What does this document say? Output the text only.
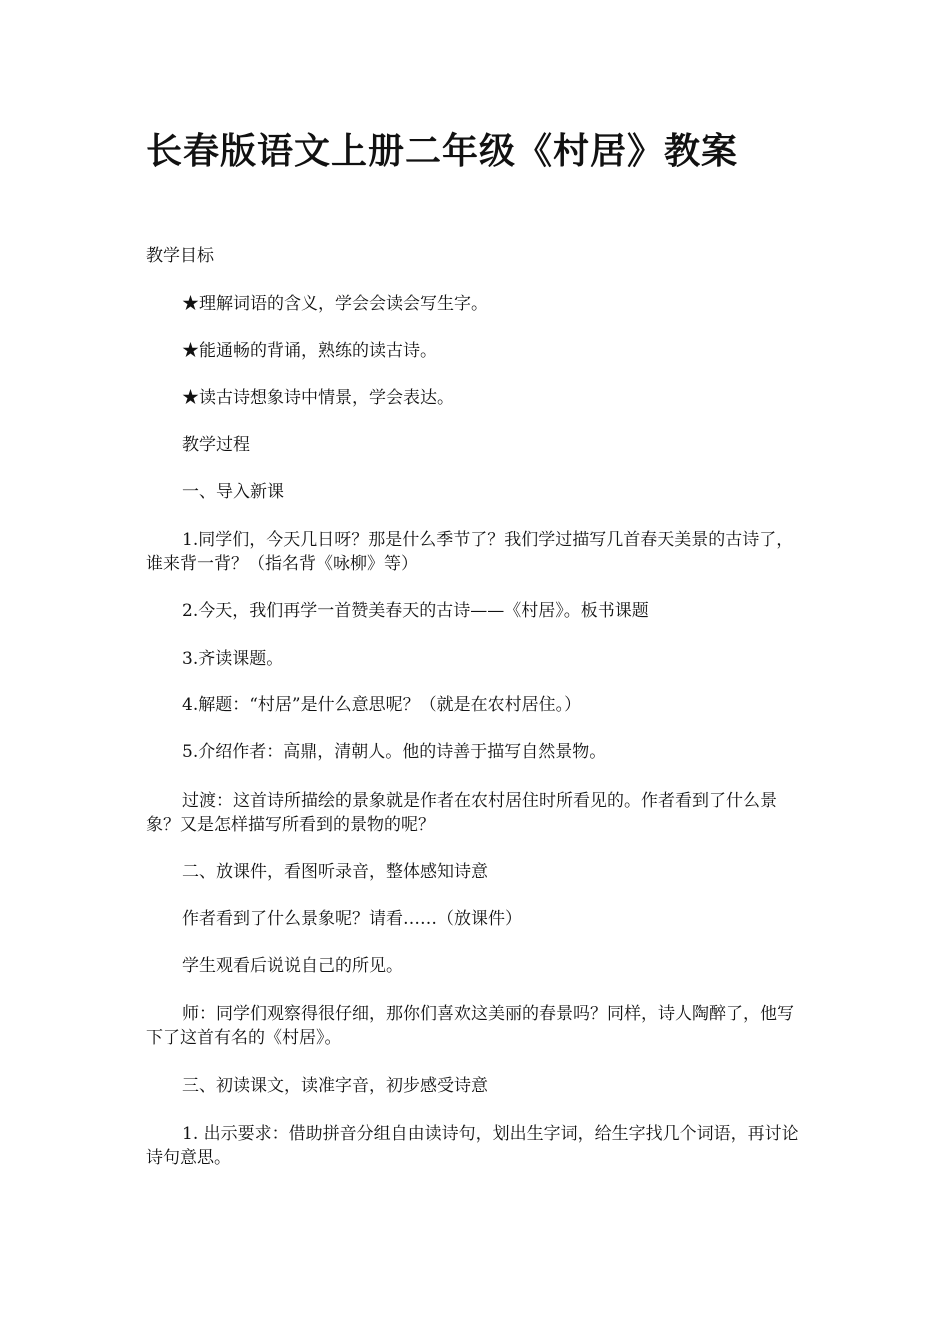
长春版语文上册二年级《村居》教案

教学目标

★理解词语的含义，学会会读会写生字。

★能通畅的背诵，熟练的读古诗。

★读古诗想象诗中情景，学会表达。

教学过程

一、导入新课

1.同学们，今天几日呀？那是什么季节了？我们学过描写几首春天美景的古诗了，谁来背一背？（指名背《咏柳》等）

2.今天，我们再学一首赞美春天的古诗——《村居》。板书课题

3.齐读课题。

4.解题：“村居”是什么意思呢？（就是在农村居住。）

5.介绍作者：高鼎，清朝人。他的诗善于描写自然景物。

过渡：这首诗所描绘的景象就是作者在农村居住时所看见的。作者看到了什么景象？又是怎样描写所看到的景物的呢？

二、放课件，看图听录音，整体感知诗意

作者看到了什么景象呢？请看……（放课件）

学生观看后说说自己的所见。

师：同学们观察得很仔细，那你们喜欢这美丽的春景吗？同样，诗人陶醉了，他写下了这首有名的《村居》。

三、初读课文，读准字音，初步感受诗意

1. 出示要求：借助拼音分组自由读诗句，划出生字词，给生字找几个词语，再讨论诗句意思。
